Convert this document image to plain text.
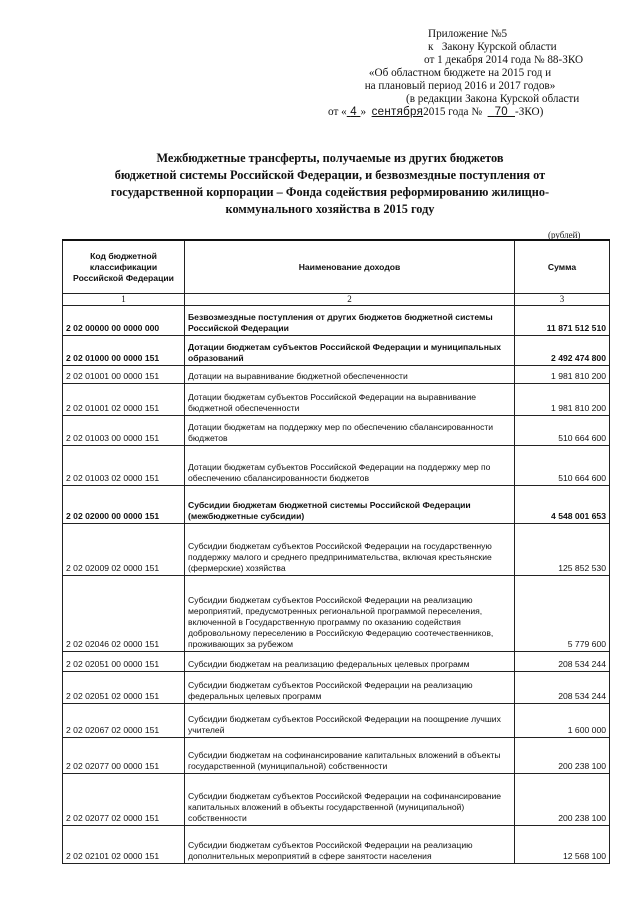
Приложение №5
к Закону Курской области
от 1 декабря 2014 года № 88-ЗКО
«Об областном бюджете на 2015 год и
на плановый период 2016 и 2017 годов»
(в редакции Закона Курской области
от « 4 » сентября2015 года № 70 -ЗКО)
Межбюджетные трансферты, получаемые из других бюджетов
бюджетной системы Российской Федерации, и безвозмездные поступления от
государственной корпорации – Фонда содействия реформированию жилищно-
коммунального хозяйства в 2015 году
(рублей)
Код бюджетной классификации Российской Федерации	Наименование доходов	Сумма
1	2	3
2 02 00000 00 0000 000	Безвозмездные поступления от других бюджетов бюджетной системы Российской Федерации	11 871 512 510
2 02 01000 00 0000 151	Дотации бюджетам субъектов Российской Федерации и муниципальных образований	2 492 474 800
2 02 01001 00 0000 151	Дотации на выравнивание бюджетной обеспеченности	1 981 810 200
2 02 01001 02 0000 151	Дотации бюджетам субъектов Российской Федерации на выравнивание бюджетной обеспеченности	1 981 810 200
2 02 01003 00 0000 151	Дотации бюджетам на поддержку мер по обеспечению сбалансированности бюджетов	510 664 600
2 02 01003 02 0000 151	Дотации бюджетам субъектов Российской Федерации на поддержку мер по обеспечению сбалансированности бюджетов	510 664 600
2 02 02000 00 0000 151	Субсидии бюджетам бюджетной системы Российской Федерации (межбюджетные субсидии)	4 548 001 653
2 02 02009 02 0000 151	Субсидии бюджетам субъектов Российской Федерации на государственную поддержку малого и среднего предпринимательства, включая крестьянские (фермерские) хозяйства	125 852 530
2 02 02046 02 0000 151	Субсидии бюджетам субъектов Российской Федерации на реализацию мероприятий, предусмотренных региональной программой переселения, включенной в Государственную программу по оказанию содействия добровольному переселению в Российскую Федерацию соотечественников, проживающих за рубежом	5 779 600
2 02 02051 00 0000 151	Субсидии бюджетам на реализацию федеральных целевых программ	208 534 244
2 02 02051 02 0000 151	Субсидии бюджетам субъектов Российской Федерации на реализацию федеральных целевых программ	208 534 244
2 02 02067 02 0000 151	Субсидии бюджетам субъектов Российской Федерации на поощрение лучших учителей	1 600 000
2 02 02077 00 0000 151	Субсидии бюджетам на софинансирование капитальных вложений в объекты государственной (муниципальной) собственности	200 238 100
2 02 02077 02 0000 151	Субсидии бюджетам субъектов Российской Федерации на софинансирование капитальных вложений в объекты государственной (муниципальной) собственности	200 238 100
2 02 02101 02 0000 151	Субсидии бюджетам субъектов Российской Федерации на реализацию дополнительных мероприятий в сфере занятости населения	12 568 100
